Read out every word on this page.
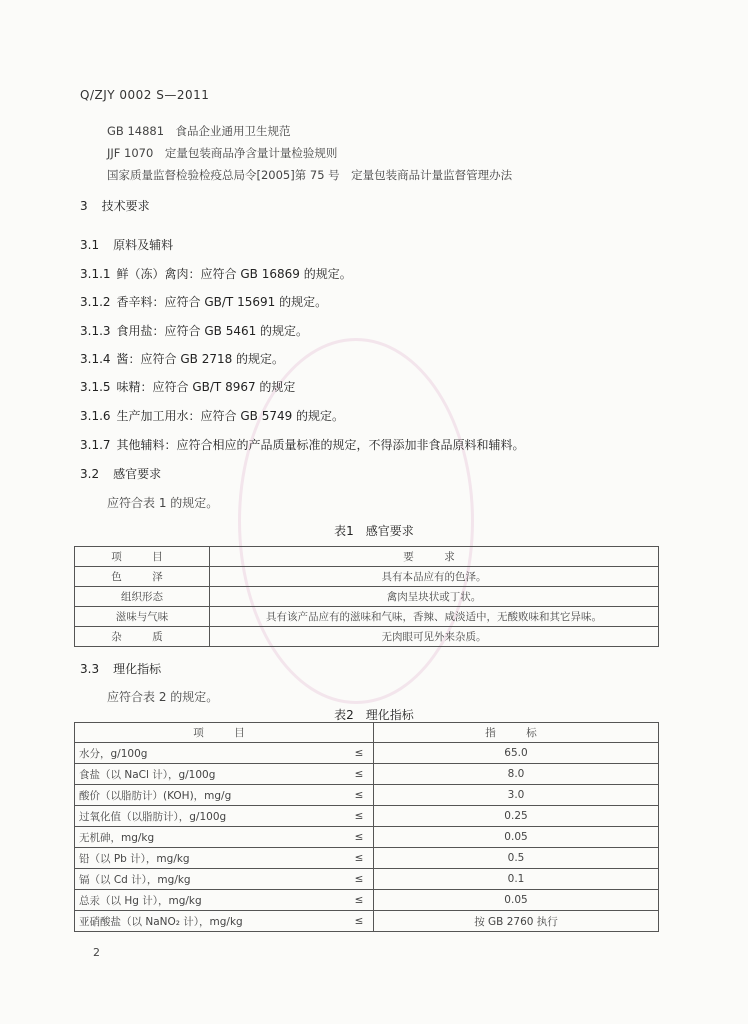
Q/ZJY 0002 S—2011
GB 14881　食品企业通用卫生规范
JJF 1070　定量包装商品净含量计量检验规则
国家质量监督检验检疫总局令[2005]第 75 号　定量包装商品计量监督管理办法
3 技术要求
3.1 原料及辅料
3.1.1 鲜（冻）禽肉：应符合 GB 16869 的规定。
3.1.2 香辛料：应符合 GB/T 15691 的规定。
3.1.3 食用盐：应符合 GB 5461 的规定。
3.1.4 酱：应符合 GB 2718 的规定。
3.1.5 味精：应符合 GB/T 8967 的规定
3.1.6 生产加工用水：应符合 GB 5749 的规定。
3.1.7 其他辅料：应符合相应的产品质量标准的规定，不得添加非食品原料和辅料。
3.2 感官要求
应符合表 1 的规定。
表1　感官要求
项　目	要　求
色　泽	具有本品应有的色泽。
组织形态	禽肉呈块状或丁状。
滋味与气味	具有该产品应有的滋味和气味，香辣、咸淡适中，无酸败味和其它异味。
杂　质	无肉眼可见外来杂质。
3.3 理化指标
应符合表 2 的规定。
表2　理化指标
项　目		指　标
水分，g/100g	≤	65.0
食盐（以 NaCl 计），g/100g	≤	8.0
酸价（以脂肪计）(KOH)，mg/g	≤	3.0
过氧化值（以脂肪计），g/100g	≤	0.25
无机砷，mg/kg	≤	0.05
铅（以 Pb 计），mg/kg	≤	0.5
镉（以 Cd 计），mg/kg	≤	0.1
总汞（以 Hg 计），mg/kg	≤	0.05
亚硝酸盐（以 NaNO₂ 计），mg/kg	≤	按 GB 2760 执行
2
